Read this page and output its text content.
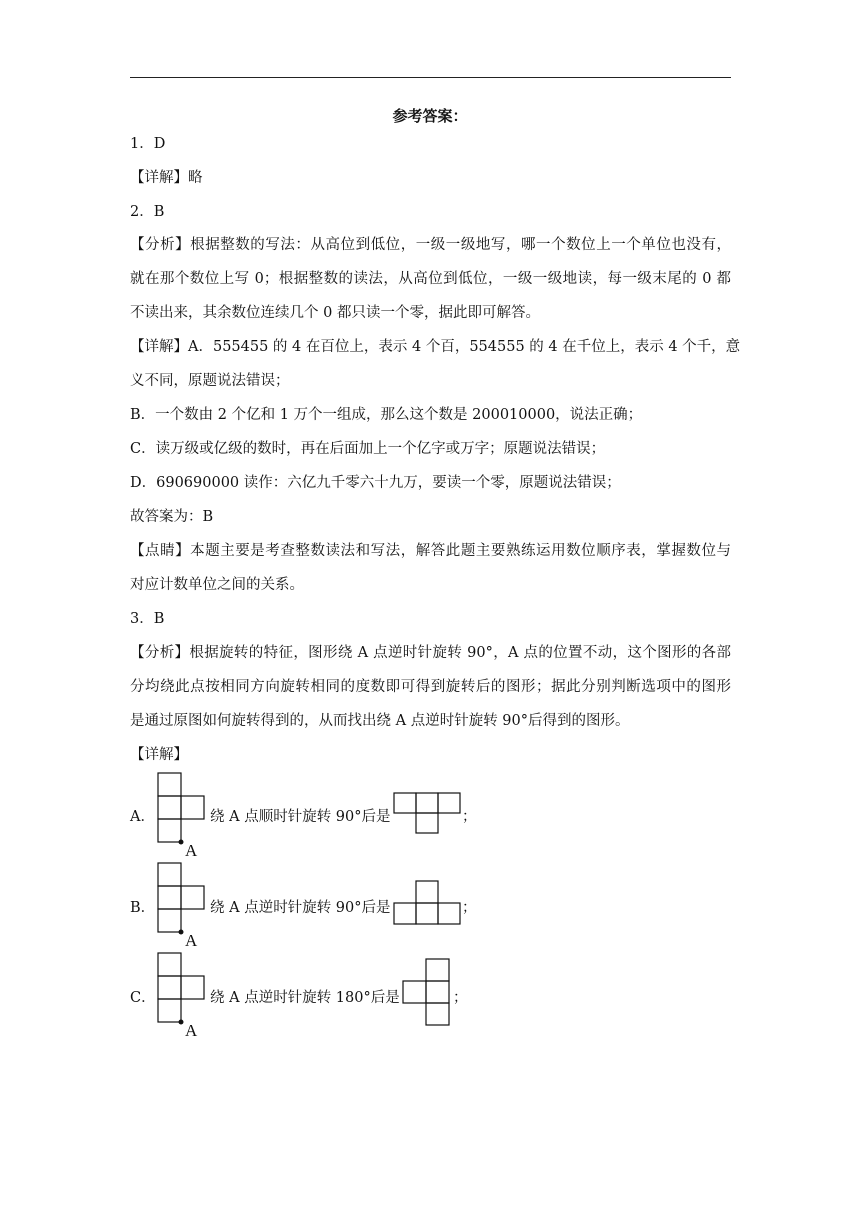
参考答案：
1．D
【详解】略
2．B
【分析】根据整数的写法：从高位到低位，一级一级地写，哪一个数位上一个单位也没有，
就在那个数位上写 0；根据整数的读法，从高位到低位，一级一级地读，每一级末尾的 0 都
不读出来，其余数位连续几个 0 都只读一个零，据此即可解答。
【详解】A．555455 的 4 在百位上，表示 4 个百，554555 的 4 在千位上，表示 4 个千，意
义不同，原题说法错误；
B．一个数由 2 个亿和 1 万个一组成，那么这个数是 200010000，说法正确；
C．读万级或亿级的数时，再在后面加上一个亿字或万字；原题说法错误；
D．690690000 读作：六亿九千零六十九万，要读一个零，原题说法错误；
故答案为：B
【点睛】本题主要是考查整数读法和写法，解答此题主要熟练运用数位顺序表，掌握数位与
对应计数单位之间的关系。
3．B
【分析】根据旋转的特征，图形绕 A 点逆时针旋转 90°，A 点的位置不动，这个图形的各部
分均绕此点按相同方向旋转相同的度数即可得到旋转后的图形；据此分别判断选项中的图形
是通过原图如何旋转得到的，从而找出绕 A 点逆时针旋转 90°后得到的图形。
【详解】
A．
A
绕 A 点顺时针旋转 90°后是	；
B．
A
绕 A 点逆时针旋转 90°后是	；
C．
A
绕 A 点逆时针旋转 180°后是	；
